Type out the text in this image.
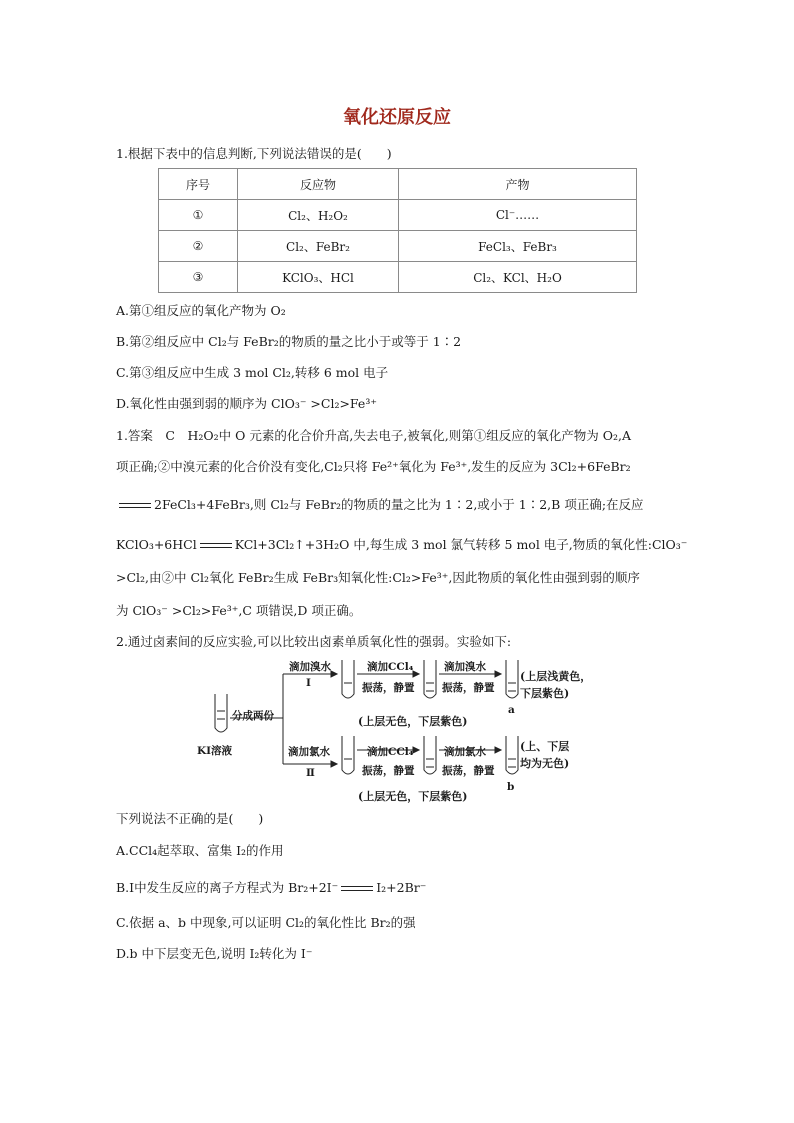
氧化还原反应
1.根据下表中的信息判断,下列说法错误的是(　　)
序号	反应物	产物
①	Cl₂、H₂O₂	Cl⁻……
②	Cl₂、FeBr₂	FeCl₃、FeBr₃
③	KClO₃、HCl	Cl₂、KCl、H₂O
A.第①组反应的氧化产物为 O₂
B.第②组反应中 Cl₂与 FeBr₂的物质的量之比小于或等于 1∶2
C.第③组反应中生成 3 mol Cl₂,转移 6 mol 电子
D.氧化性由强到弱的顺序为 ClO₃⁻ >Cl₂>Fe³⁺
1.答案　C　H₂O₂中 O 元素的化合价升高,失去电子,被氧化,则第①组反应的氧化产物为 O₂,A
项正确;②中溴元素的化合价没有变化,Cl₂只将 Fe²⁺氧化为 Fe³⁺,发生的反应为 3Cl₂+6FeBr₂
2FeCl₃+4FeBr₃,则 Cl₂与 FeBr₂的物质的量之比为 1∶2,或小于 1∶2,B 项正确;在反应
KClO₃+6HCl	KCl+3Cl₂↑+3H₂O 中,每生成 3 mol 氯气转移 5 mol 电子,物质的氧化性:ClO₃⁻
>Cl₂,由②中 Cl₂氧化 FeBr₂生成 FeBr₃知氧化性:Cl₂>Fe³⁺,因此物质的氧化性由强到弱的顺序
为 ClO₃⁻ >Cl₂>Fe³⁺,C 项错误,D 项正确。
2.通过卤素间的反应实验,可以比较出卤素单质氧化性的强弱。实验如下:
KI溶液
分成两份
滴加溴水
Ⅰ
滴加氯水
Ⅱ
滴加CCl₄
振荡，静置
滴加溴水
振荡，静置
(上层无色，下层紫色)
(上层浅黄色，
下层紫色)
a
滴加CCl₄
振荡，静置
滴加氯水
振荡，静置
(上层无色，下层紫色)
(上、下层
均为无色)
b
下列说法不正确的是(　　)
A.CCl₄起萃取、富集 I₂的作用
B.Ⅰ中发生反应的离子方程式为 Br₂+2I⁻	I₂+2Br⁻
C.依据 a、b 中现象,可以证明 Cl₂的氧化性比 Br₂的强
D.b 中下层变无色,说明 I₂转化为 I⁻
